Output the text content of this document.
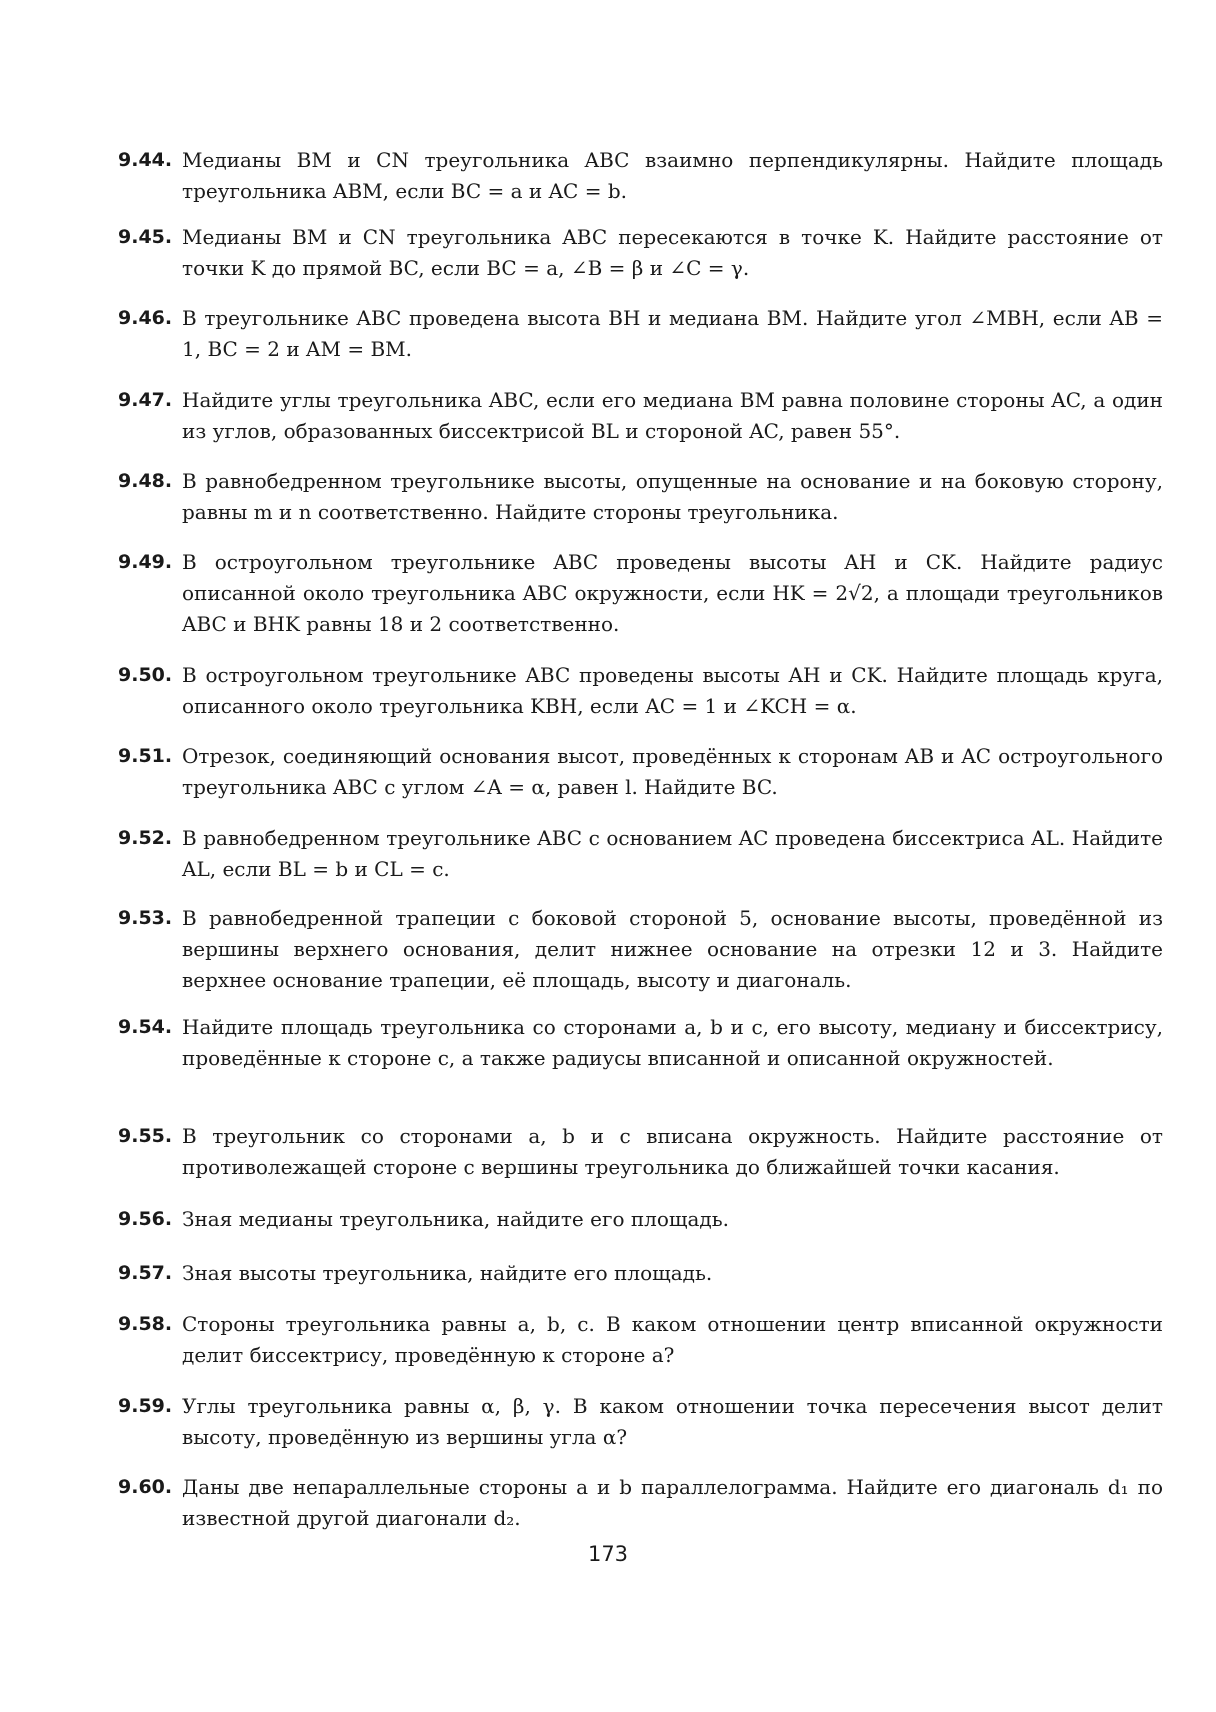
9.44. Медианы BM и CN треугольника ABC взаимно перпендикулярны. Найдите площадь треугольника ABM, если BC = a и AC = b.
9.45. Медианы BM и CN треугольника ABC пересекаются в точке K. Найдите расстояние от точки K до прямой BC, если BC = a, ∠B = β и ∠C = γ.
9.46. В треугольнике ABC проведена высота BH и медиана BM. Найдите угол ∠MBH, если AB = 1, BC = 2 и AM = BM.
9.47. Найдите углы треугольника ABC, если его медиана BM равна половине стороны AC, а один из углов, образованных биссектрисой BL и стороной AC, равен 55°.
9.48. В равнобедренном треугольнике высоты, опущенные на основание и на боковую сторону, равны m и n соответственно. Найдите стороны треугольника.
9.49. В остроугольном треугольнике ABC проведены высоты AH и CK. Найдите радиус описанной около треугольника ABC окружности, если HK = 2√2, а площади треугольников ABC и BHK равны 18 и 2 соответственно.
9.50. В остроугольном треугольнике ABC проведены высоты AH и CK. Найдите площадь круга, описанного около треугольника KBH, если AC = 1 и ∠KCH = α.
9.51. Отрезок, соединяющий основания высот, проведённых к сторонам AB и AC остроугольного треугольника ABC с углом ∠A = α, равен l. Найдите BC.
9.52. В равнобедренном треугольнике ABC с основанием AC проведена биссектриса AL. Найдите AL, если BL = b и CL = c.
9.53. В равнобедренной трапеции с боковой стороной 5, основание высоты, проведённой из вершины верхнего основания, делит нижнее основание на отрезки 12 и 3. Найдите верхнее основание трапеции, её площадь, высоту и диагональ.
9.54. Найдите площадь треугольника со сторонами a, b и c, его высоту, медиану и биссектрису, проведённые к стороне c, а также радиусы вписанной и описанной окружностей.
9.55. В треугольник со сторонами a, b и c вписана окружность. Найдите расстояние от противолежащей стороне c вершины треугольника до ближайшей точки касания.
9.56. Зная медианы треугольника, найдите его площадь.
9.57. Зная высоты треугольника, найдите его площадь.
9.58. Стороны треугольника равны a, b, c. В каком отношении центр вписанной окружности делит биссектрису, проведённую к стороне a?
9.59. Углы треугольника равны α, β, γ. В каком отношении точка пересечения высот делит высоту, проведённую из вершины угла α?
9.60. Даны две непараллельные стороны a и b параллелограмма. Найдите его диагональ d₁ по известной другой диагонали d₂.
173
